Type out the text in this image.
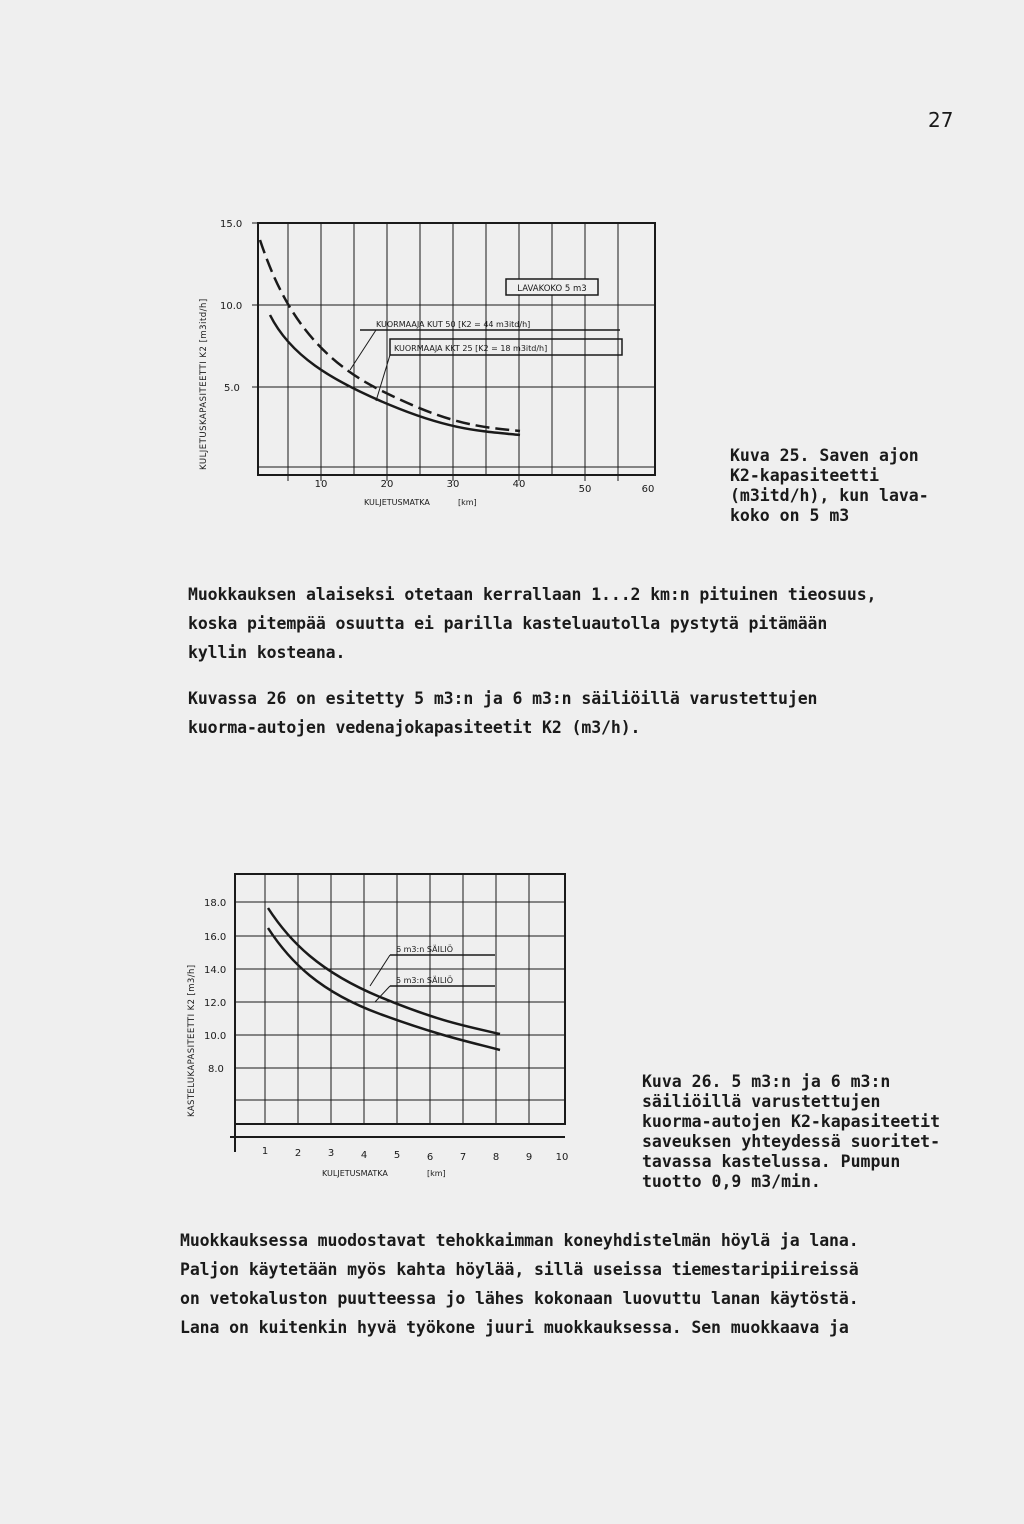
27
LAVAKOKO 5 m3
KUORMAAJA KUT 50 [K2 = 44 m3itd/h]
KUORMAAJA KKT 25 [K2 = 18 m3itd/h]
15.0
10.0
5.0
KULJETUSKAPASITEETTI K2 [m3itd/h]
10	20	30	40	50	60
KULJETUSMATKA	[km]
Kuva 25. Saven ajon
K2-kapasiteetti
(m3itd/h), kun lava-
koko on 5 m3
Muokkauksen alaiseksi otetaan kerrallaan 1...2 km:n pituinen tieosuus,
koska pitempää osuutta ei parilla kasteluautolla pystytä pitämään
kyllin kosteana.
Kuvassa 26 on esitetty 5 m3:n ja 6 m3:n säiliöillä varustettujen
kuorma-autojen vedenajokapasiteetit K2 (m3/h).
6 m3:n SÄILIÖ
5 m3:n SÄILIÖ
18.0
16.0
14.0
12.0
10.0
8.0
KASTELUKAPASITEETTI K2 [m3/h]
1	2	3	4	5	6	7	8	9 10
KULJETUSMATKA	[km]
Kuva 26. 5 m3:n ja 6 m3:n
säiliöillä varustettujen
kuorma-autojen K2-kapasiteetit
saveuksen yhteydessä suoritet-
tavassa kastelussa. Pumpun
tuotto 0,9 m3/min.
Muokkauksessa muodostavat tehokkaimman koneyhdistelmän höylä ja lana.
Paljon käytetään myös kahta höylää, sillä useissa tiemestaripiireissä
on vetokaluston puutteessa jo lähes kokonaan luovuttu lanan käytöstä.
Lana on kuitenkin hyvä työkone juuri muokkauksessa. Sen muokkaava ja
